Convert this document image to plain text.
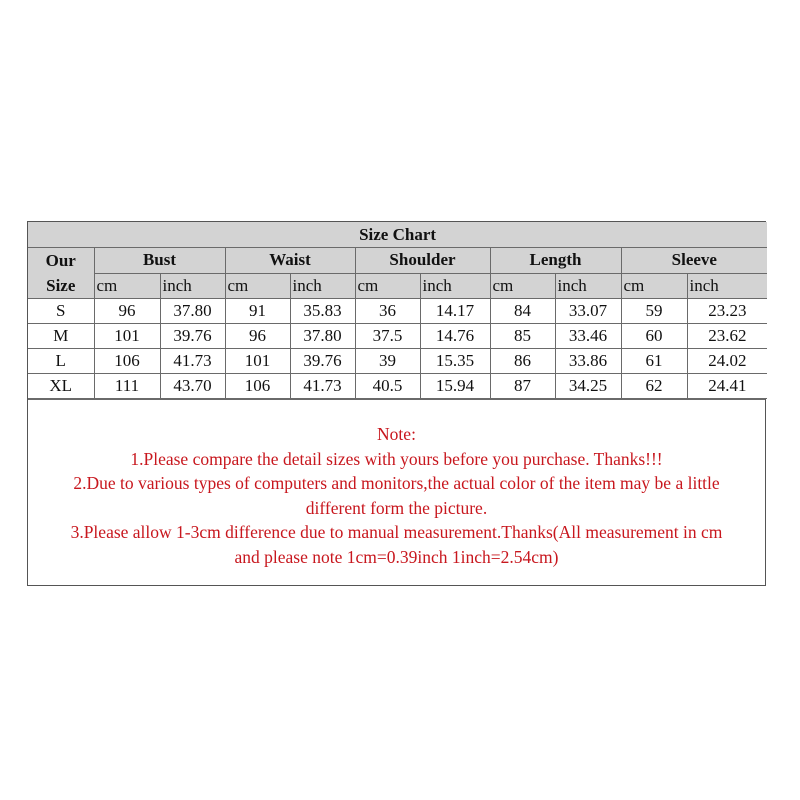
Size Chart										
Our
Size	Bust		Waist		Shoulder		Length		Sleeve	
	cm	inch	cm	inch	cm	inch	cm	inch	cm	inch
S	96	37.80	91	35.83	36	14.17	84	33.07	59	23.23
M	101	39.76	96	37.80	37.5	14.76	85	33.46	60	23.62
L	106	41.73	101	39.76	39	15.35	86	33.86	61	24.02
XL	111	43.70	106	41.73	40.5	15.94	87	34.25	62	24.41
Note:
1.Please compare the detail sizes with yours before you purchase. Thanks!!!
2.Due to various types of computers and monitors,the actual color of the item may be a little
different form the picture.
3.Please allow 1-3cm difference due to manual measurement.Thanks(All measurement in cm
and please note 1cm=0.39inch 1inch=2.54cm)
